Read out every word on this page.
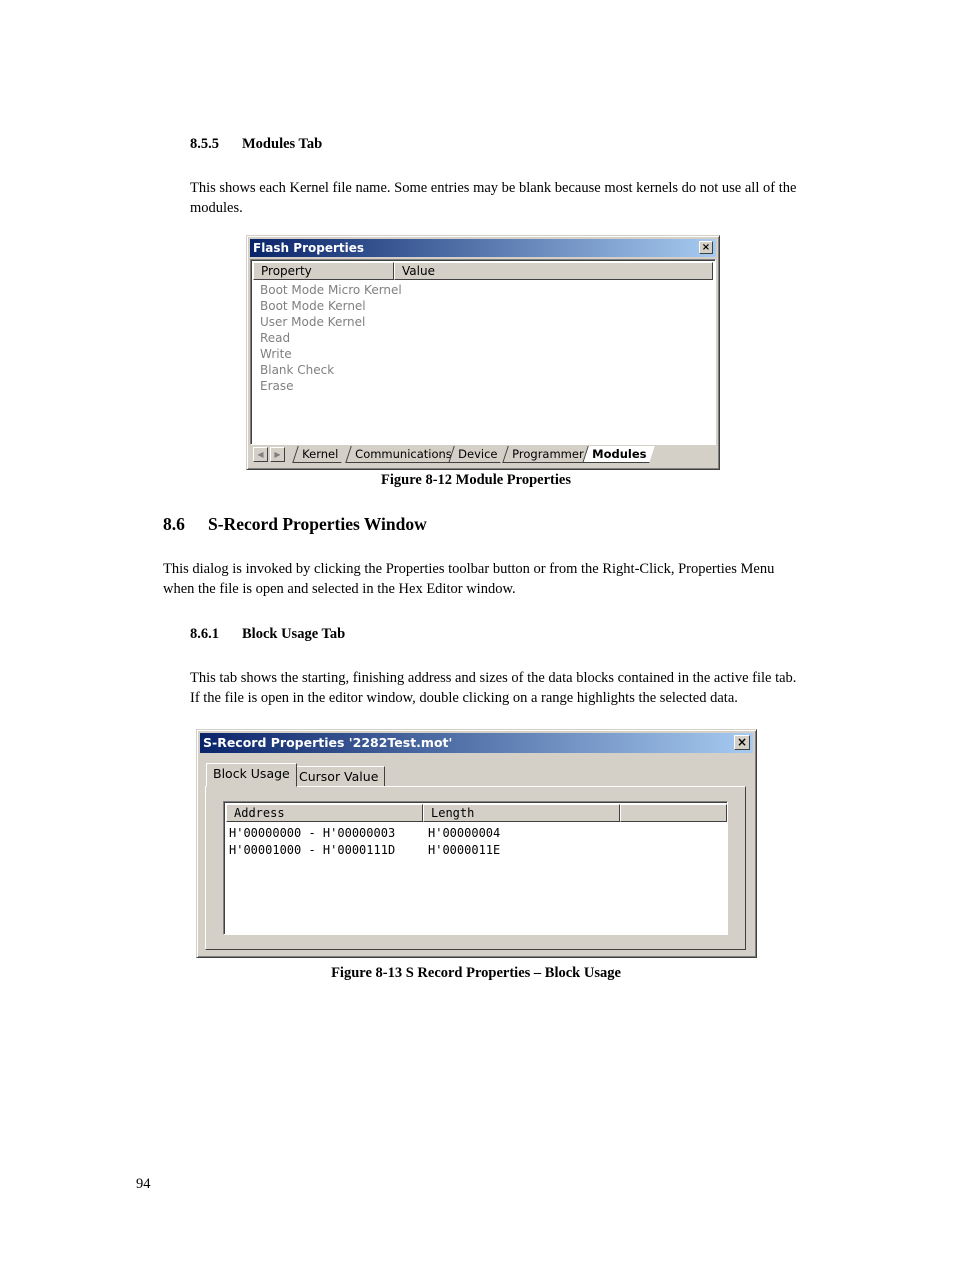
8.5.5 Modules Tab
This shows each Kernel file name. Some entries may be blank because most kernels do not use all of the modules.
Flash Properties	×
Property	Value
Boot Mode Micro Kernel
Boot Mode Kernel
User Mode Kernel
Read
Write
Blank Check
Erase
◀	▶	Kernel	Communications Device	Programmer Modules
Figure 8-12 Module Properties
8.6 S-Record Properties Window
This dialog is invoked by clicking the Properties toolbar button or from the Right-Click, Properties Menu when the file is open and selected in the Hex Editor window.
8.6.1 Block Usage Tab
This tab shows the starting, finishing address and sizes of the data blocks contained in the active file tab. If the file is open in the editor window, double clicking on a range highlights the selected data.
S-Record Properties '2282Test.mot'	×
Block Usage Cursor Value
Address	Length
H'00000000 - H'00000003	H'00000004
H'00001000 - H'0000111D	H'0000011E
Figure 8-13 S Record Properties – Block Usage
94
